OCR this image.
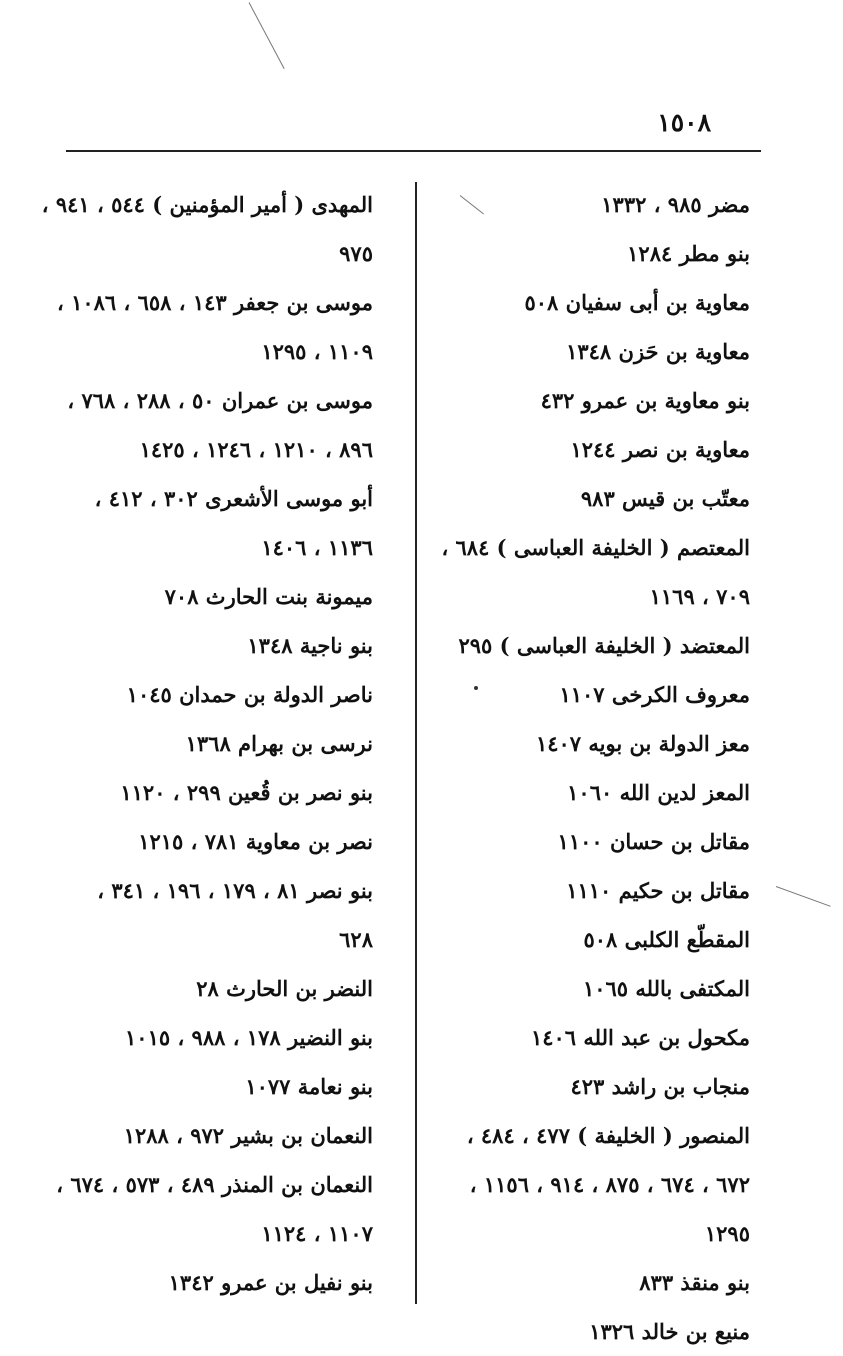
١٥٠٨
مضر ٩٨٥ ، ١٣٣٢
بنو مطر ١٢٨٤
معاوية بن أبى سفيان ٥٠٨
معاوية بن حَزن ١٣٤٨
بنو معاوية بن عمرو ٤٣٢
معاوية بن نصر ١٢٤٤
معتّب بن قيس ٩٨٣
المعتصم ( الخليفة العباسى ) ٦٨٤ ،
٧٠٩ ، ١١٦٩
المعتضد ( الخليفة العباسى ) ٢٩٥
معروف الكرخى ١١٠٧
معز الدولة بن بويه ١٤٠٧
المعز لدين الله ١٠٦٠
مقاتل بن حسان ١١٠٠
مقاتل بن حكيم ١١١٠
المقطّع الكلبى ٥٠٨
المكتفى بالله ١٠٦٥
مكحول بن عبد الله ١٤٠٦
منجاب بن راشد ٤٢٣
المنصور ( الخليفة ) ٤٧٧ ، ٤٨٤ ،
٦٧٢ ، ٦٧٤ ، ٨٧٥ ، ٩١٤ ، ١١٥٦ ،
١٢٩٥
بنو منقذ ٨٣٣
منيع بن خالد ١٣٢٦
المهدى ( أمير المؤمنين ) ٥٤٤ ، ٩٤١ ،
٩٧٥
موسى بن جعفر ١٤٣ ، ٦٥٨ ، ١٠٨٦ ،
١١٠٩ ، ١٢٩٥
موسى بن عمران ٥٠ ، ٢٨٨ ، ٧٦٨ ،
٨٩٦ ، ١٢١٠ ، ١٢٤٦ ، ١٤٢٥
أبو موسى الأشعرى ٣٠٢ ، ٤١٢ ،
١١٣٦ ، ١٤٠٦
ميمونة بنت الحارث ٧٠٨
بنو ناجية ١٣٤٨
ناصر الدولة بن حمدان ١٠٤٥
نرسى بن بهرام ١٣٦٨
بنو نصر بن قُعين ٢٩٩ ، ١١٢٠
نصر بن معاوية ٧٨١ ، ١٢١٥
بنو نصر ٨١ ، ١٧٩ ، ١٩٦ ، ٣٤١ ،
٦٢٨
النضر بن الحارث ٢٨
بنو النضير ١٧٨ ، ٩٨٨ ، ١٠١٥
بنو نعامة ١٠٧٧
النعمان بن بشير ٩٧٢ ، ١٢٨٨
النعمان بن المنذر ٤٨٩ ، ٥٧٣ ، ٦٧٤ ،
١١٠٧ ، ١١٢٤
بنو نفيل بن عمرو ١٣٤٢
